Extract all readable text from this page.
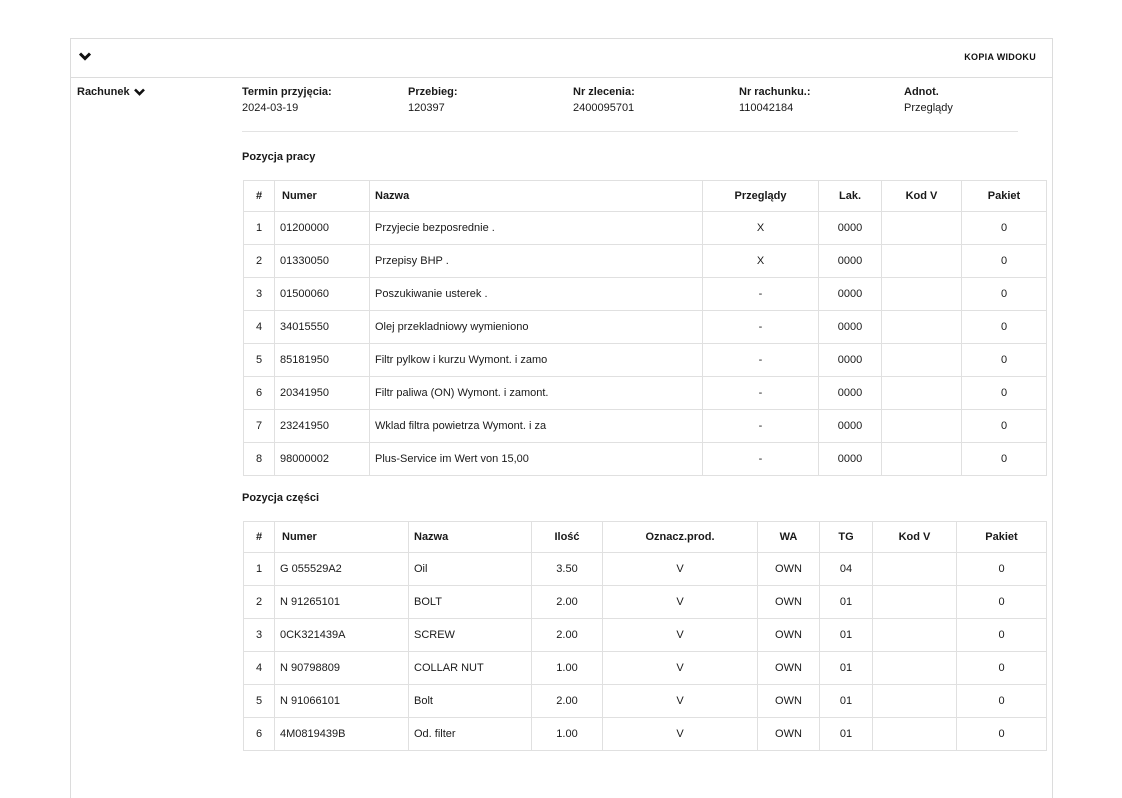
KOPIA WIDOKU
Rachunek	Termin przyjęcia:
2024-03-19
Przebieg:
120397
Nr zlecenia:
2400095701
Nr rachunku.:
110042184
Adnot.
Przeglądy
Pozycja pracy
#	Numer	Nazwa	Przeglądy	Lak.	Kod V	Pakiet
1	01200000	Przyjecie bezposrednie .	X	0000		0
2	01330050	Przepisy BHP .	X	0000		0
3	01500060	Poszukiwanie usterek .	-	0000		0
4	34015550	Olej przekladniowy wymieniono	-	0000		0
5	85181950	Filtr pylkow i kurzu Wymont. i zamo	-	0000		0
6	20341950	Filtr paliwa (ON) Wymont. i zamont.	-	0000		0
7	23241950	Wklad filtra powietrza Wymont. i za	-	0000		0
8	98000002	Plus-Service im Wert von 15,00	-	0000		0
Pozycja części
#	Numer	Nazwa	Ilość	Oznacz.prod.	WA	TG	Kod V	Pakiet
1	G 055529A2	Oil	3.50	V	OWN	04		0
2	N 91265101	BOLT	2.00	V	OWN	01		0
3	0CK321439A	SCREW	2.00	V	OWN	01		0
4	N 90798809	COLLAR NUT	1.00	V	OWN	01		0
5	N 91066101	Bolt	2.00	V	OWN	01		0
6	4M0819439B	Od. filter	1.00	V	OWN	01		0
